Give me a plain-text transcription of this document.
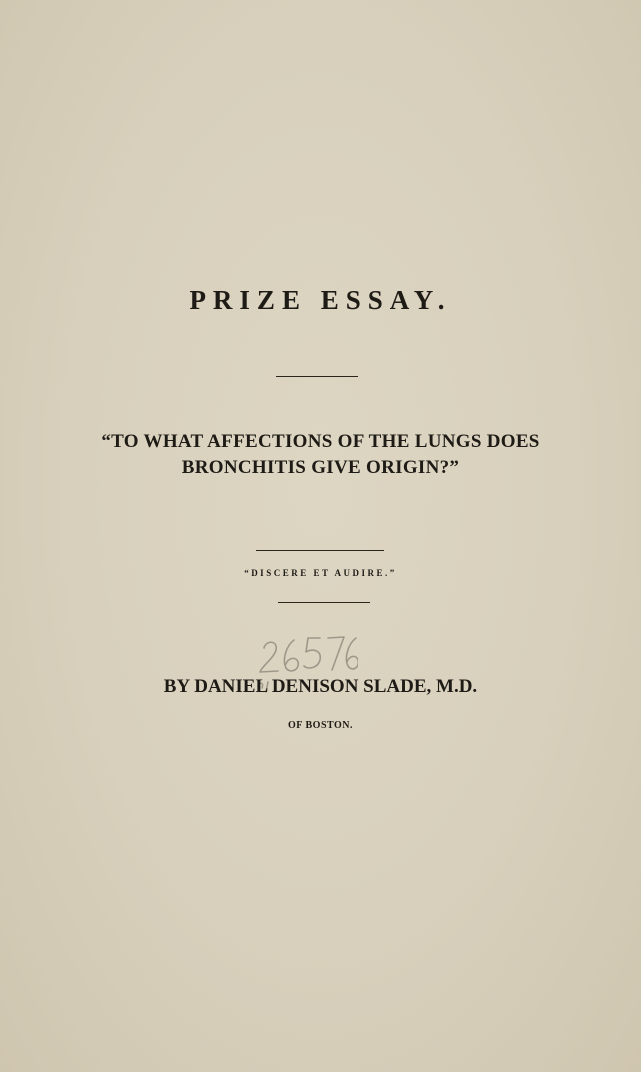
PRIZE ESSAY.
“TO WHAT AFFECTIONS OF THE LUNGS DOES
BRONCHITIS GIVE ORIGIN?”
“DISCERE ET AUDIRE.”
BY DANIEL DENISON SLADE, M.D.
OF BOSTON.
